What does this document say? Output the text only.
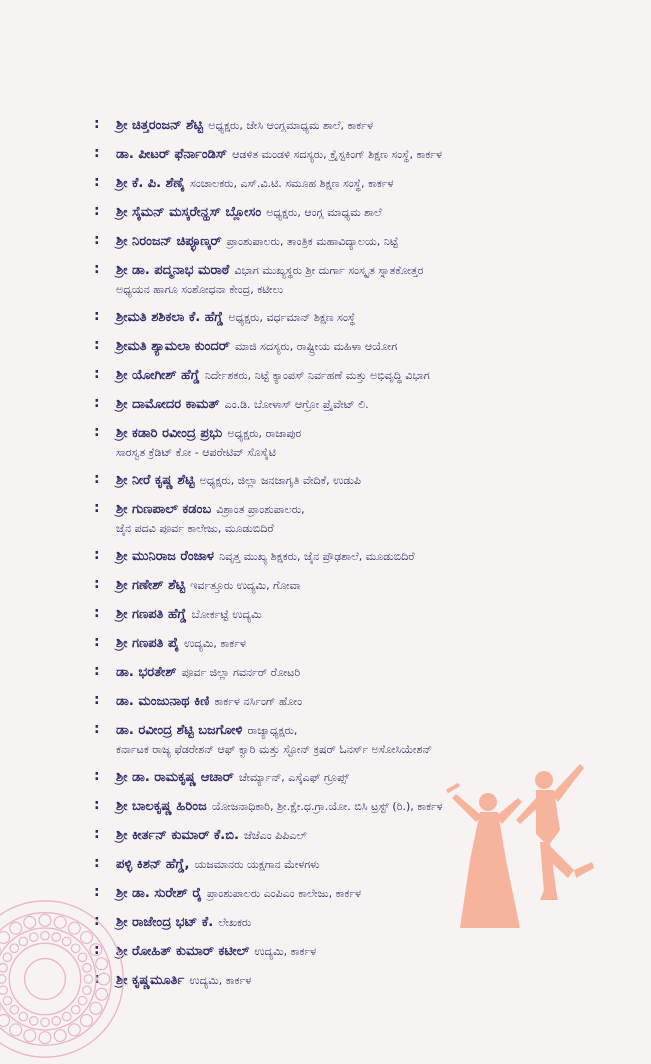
:	ಶ್ರೀ ಚಿತ್ತರಂಜನ್ ಶೆಟ್ಟಿ ಅಧ್ಯಕ್ಷರು, ಜೇಸಿ ಆಂಗ್ಲಮಾಧ್ಯಮ ಶಾಲೆ, ಕಾರ್ಕಳ
:	ಡಾ. ಪೀಟರ್ ಫೆರ್ನಾಂಡಿಸ್ ಆಡಳಿತ ಮಂಡಳಿ ಸದಸ್ಯರು, ಕ್ರೈಸ್ಟಕಿಂಗ್ ಶಿಕ್ಷಣ ಸಂಸ್ಥೆ, ಕಾರ್ಕಳ
:	ಶ್ರೀ ಕೆ. ಪಿ. ಶೆಣೈ ಸಂಚಾಲಕರು, ಎಸ್.ವಿ.ಟಿ. ಸಮೂಹ ಶಿಕ್ಷಣ ಸಂಸ್ಥೆ, ಕಾರ್ಕಳ
:	ಶ್ರೀ ಸೈಮನ್ ಮಸ್ಕರೇನ್ಹಸ್ ಬ್ಲೋಸಂ ಅಧ್ಯಕ್ಷರು, ಆಂಗ್ಲ ಮಾಧ್ಯಮ ಶಾಲೆ
:	ಶ್ರೀ ನಿರಂಜನ್ ಚಿಪ್ಳೂಣ್ಕರ್ ಪ್ರಾಂಶುಪಾಲರು, ತಾಂತ್ರಿಕ ಮಹಾವಿದ್ಯಾಲಯ, ನಿಟ್ಟೆ
:	ಶ್ರೀ ಡಾ. ಪದ್ಮನಾಭ ಮರಾಠೆ ವಿಭಾಗ ಮುಖ್ಯಸ್ಥರು ಶ್ರೀ ದುರ್ಗಾ ಸಂಸ್ಕೃತ ಸ್ನಾತಕೋತ್ತರ
ಅಧ್ಯಯನ ಹಾಗೂ ಸಂಶೋಧನಾ ಕೇಂದ್ರ, ಕಟೀಲು
:	ಶ್ರೀಮತಿ ಶಶಿಕಲಾ ಕೆ. ಹೆಗ್ಡೆ ಅಧ್ಯಕ್ಷರು, ವರ್ಧಮಾನ್ ಶಿಕ್ಷಣ ಸಂಸ್ಥೆ
:	ಶ್ರೀಮತಿ ಶ್ಯಾಮಲಾ ಕುಂದರ್ ಮಾಜಿ ಸದಸ್ಯರು, ರಾಷ್ಟ್ರೀಯ ಮಹಿಳಾ ಆಯೋಗ
:	ಶ್ರೀ ಯೋಗೀಶ್ ಹೆಗ್ಡೆ ನಿರ್ದೇಶಕರು, ನಿಟ್ಟೆ ಕ್ಯಾಂಪಸ್ ನಿರ್ವಹಣೆ ಮತ್ತು ಅಭಿವೃದ್ಧಿ ವಿಭಾಗ
:	ಶ್ರೀ ದಾಮೋದರ ಕಾಮತ್ ಎಂ.ಡಿ. ಬೋಳಾಸ್ ಆಗ್ರೋ ಪ್ರೈವೇಟ್ ಲಿ.
:	ಶ್ರೀ ಕಡಾರಿ ರವೀಂದ್ರ ಪ್ರಭು ಅಧ್ಯಕ್ಷರು, ರಾಜಾಪುರ
ಸಾರಸ್ವತ ಕ್ರೆಡಿಟ್ ಕೋ - ಆಪರೇಟಿವ್ ಸೊಸೈಟಿ
:	ಶ್ರೀ ನೀರೆ ಕೃಷ್ಣ ಶೆಟ್ಟಿ ಅಧ್ಯಕ್ಷರು, ಜಿಲ್ಲಾ ಜನಜಾಗೃತಿ ವೇದಿಕೆ, ಉಡುಪಿ
:	ಶ್ರೀ ಗುಣಪಾಲ್ ಕಡಂಬ ವಿಶ್ರಾಂತ ಪ್ರಾಂಶುಪಾಲರು,
ಜೈನ ಪದವಿ ಪೂರ್ವ ಕಾಲೇಜು, ಮೂಡುಬಿದಿರೆ
:	ಶ್ರೀ ಮುನಿರಾಜ ರೆಂಜಾಳ ನಿವೃತ್ತ ಮುಖ್ಯ ಶಿಕ್ಷಕರು, ಜೈನ ಪ್ರೌಢಶಾಲೆ, ಮೂಡುಬಿದಿರೆ
:	ಶ್ರೀ ಗಣೇಶ್ ಶೆಟ್ಟಿ ಇರ್ವತ್ತೂರು ಉದ್ಯಮಿ, ಗೋವಾ
:	ಶ್ರೀ ಗಣಪತಿ ಹೆಗ್ಡೆ ಬೋರ್ಕಟ್ಟೆ ಉದ್ಯಮಿ
:	ಶ್ರೀ ಗಣಪತಿ ಪೈ ಉದ್ಯಮಿ, ಕಾರ್ಕಳ
:	ಡಾ. ಭರತೇಶ್ ಪೂರ್ವ ಜಿಲ್ಲಾ ಗವರ್ನರ್ ರೋಟರಿ
:	ಡಾ. ಮಂಜುನಾಥ ಕಿಣಿ ಕಾರ್ಕಳ ನರ್ಸಿಂಗ್ ಹೋಂ
:	ಡಾ. ರವೀಂದ್ರ ಶೆಟ್ಟಿ ಬಜಗೋಳಿ ರಾಜ್ಯಾಧ್ಯಕ್ಷರು,
ಕರ್ನಾಟಕ ರಾಜ್ಯ ಫೆಡರೇಶನ್ ಆಫ್ ಕ್ವಾರಿ ಮತ್ತು ಸ್ಟೋನ್ ಕ್ರಷರ್ ಓನರ್ಸ್ ಅಸೋಸಿಯೇಶನ್
:	ಶ್ರೀ ಡಾ. ರಾಮಕೃಷ್ಣ ಆಚಾರ್ ಚೇರ್ಮ್ಯಾನ್, ಎಸ್ಕೆಎಫ್ ಗ್ರೂಪ್ಸ್
:	ಶ್ರೀ ಬಾಲಕೃಷ್ಣ ಹಿರಿಂಜ ಯೋಜನಾಧಿಕಾರಿ, ಶ್ರೀ.ಕ್ಷೇ.ಧ.ಗ್ರಾ.ಯೋ. ಬಿಸಿ ಟ್ರಸ್ಟ್ (ರಿ.), ಕಾರ್ಕಳ
:	ಶ್ರೀ ಕೀರ್ತನ್ ಕುಮಾರ್ ಕೆ.ಬಿ. ಜೆಜೆಎಂ ಪಿಪಿಎಲ್
:	ಪಳ್ಳಿ ಕಿಶನ್ ಹೆಗ್ಡೆ, ಯಜಮಾನರು ಯಕ್ಷಗಾನ ಮೇಳಗಳು
:	ಶ್ರೀ ಡಾ. ಸುರೇಶ್ ರೈ ಪ್ರಾಂಶುಪಾಲರು ಎಂಪಿಎಂ ಕಾಲೇಜು, ಕಾರ್ಕಳ
:	ಶ್ರೀ ರಾಜೇಂದ್ರ ಭಟ್ ಕೆ. ಲೇಖಕರು
:	ಶ್ರೀ ರೋಹಿತ್ ಕುಮಾರ್ ಕಟೀಲ್ ಉದ್ಯಮಿ, ಕಾರ್ಕಳ
:	ಶ್ರೀ ಕೃಷ್ಣಮೂರ್ತಿ ಉದ್ಯಮಿ, ಕಾರ್ಕಳ
